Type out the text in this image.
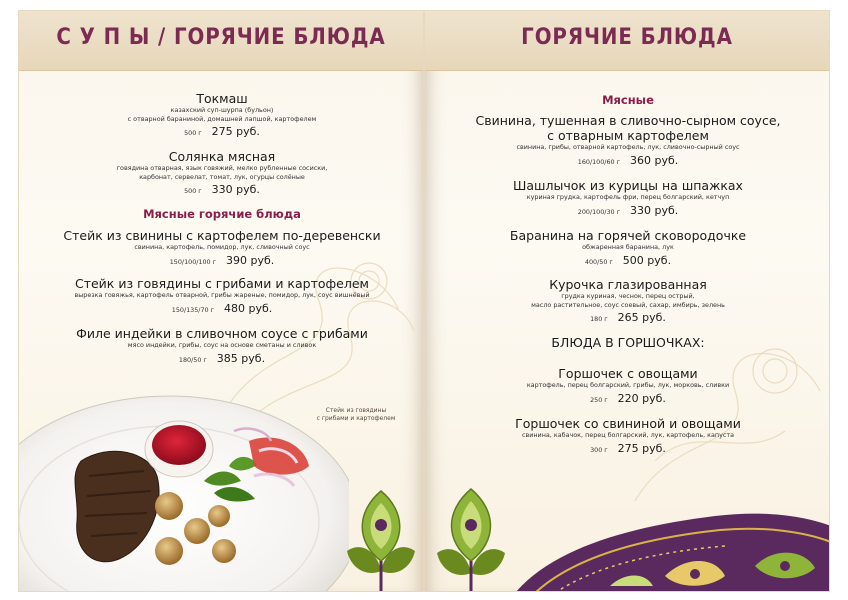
С У П Ы / ГОРЯЧИЕ БЛЮДА
Токмаш
казахский суп-шурпа (бульон)
с отварной бараниной, домашней лапшой, картофелем
500 г 275 руб.
Солянка мясная
говядина отварная, язык говяжий, мелко рубленные сосиски,
карбонат, сервелат, томат, лук, огурцы солёные
500 г 330 руб.
Мясные горячие блюда
Стейк из свинины с картофелем по-деревенски
свинина, картофель, помидор, лук, сливочный соус
150/100/100 г 390 руб.
Стейк из говядины с грибами и картофелем
вырезка говяжья, картофель отварной, грибы жареные, помидор, лук, соус вишнёвый
150/135/70 г 480 руб.
Филе индейки в сливочном соусе с грибами
мясо индейки, грибы, соус на основе сметаны и сливок
180/50 г 385 руб.
Стейк из говядины
с грибами и картофелем
ГОРЯЧИЕ БЛЮДА
Мясные
Свинина, тушенная в сливочно-сырном соусе,
с отварным картофелем
свинина, грибы, отварной картофель, лук, сливочно-сырный соус
160/100/60 г 360 руб.
Шашлычок из курицы на шпажках
куриная грудка, картофель фри, перец болгарский, кетчуп
200/100/30 г 330 руб.
Баранина на горячей сковородочке
обжаренная баранина, лук
400/50 г 500 руб.
Курочка глазированная
грудка куриная, чеснок, перец острый,
масло растительное, соус соевый, сахар, имбирь, зелень
180 г 265 руб.
БЛЮДА В ГОРШОЧКАХ:
Горшочек с овощами
картофель, перец болгарский, грибы, лук, морковь, сливки
250 г 220 руб.
Горшочек со свининой и овощами
свинина, кабачок, перец болгарский, лук, картофель, капуста
300 г 275 руб.
